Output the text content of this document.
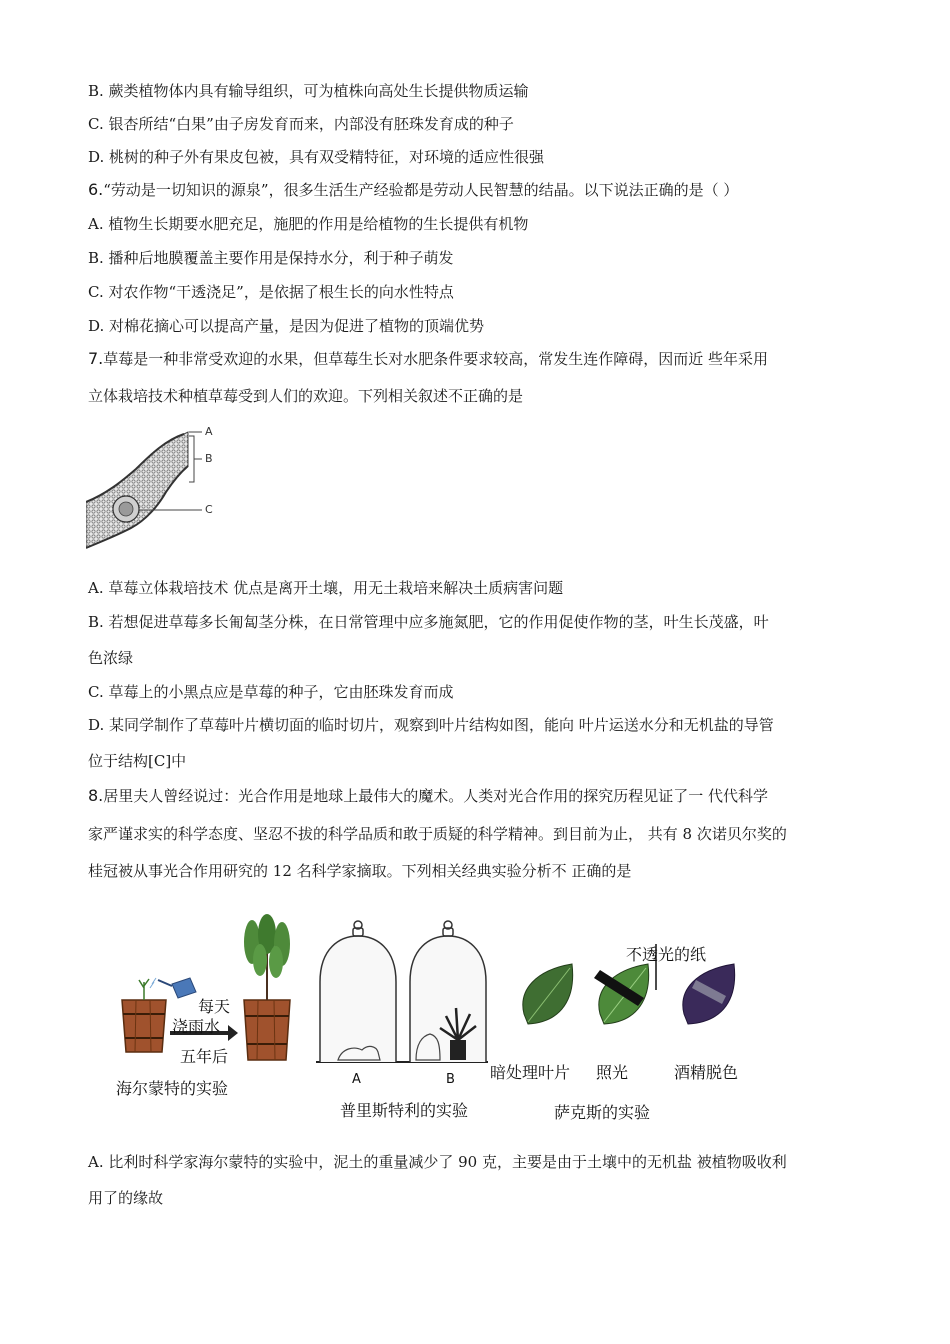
B. 蕨类植物体内具有输导组织，可为植株向高处生长提供物质运输
C. 银杏所结“白果”由子房发育而来，内部没有胚珠发育成的种子
D. 桃树的种子外有果皮包被，具有双受精特征，对环境的适应性很强
6.“劳动是一切知识的源泉”，很多生活生产经验都是劳动人民智慧的结晶。以下说法正确的是（ ）
A. 植物生长期要水肥充足，施肥的作用是给植物的生长提供有机物
B. 播种后地膜覆盖主要作用是保持水分，利于种子萌发
C. 对农作物“干透浇足”，是依据了根生长的向水性特点
D. 对棉花摘心可以提高产量，是因为促进了植物的顶端优势
7.草莓是一种非常受欢迎的水果，但草莓生长对水肥条件要求较高，常发生连作障碍，因而近 些年采用
立体栽培技术种植草莓受到人们的欢迎。下列相关叙述不正确的是
A
B
C
A. 草莓立体栽培技术 优点是离开土壤，用无土栽培来解决土质病害问题
B. 若想促进草莓多长匍匐茎分株，在日常管理中应多施氮肥，它的作用促使作物的茎，叶生长茂盛，叶
色浓绿
C. 草莓上的小黑点应是草莓的种子，它由胚珠发育而成
D. 某同学制作了草莓叶片横切面的临时切片，观察到叶片结构如图，能向 叶片运送水分和无机盐的导管
位于结构[C]中
8.居里夫人曾经说过：光合作用是地球上最伟大的魔术。人类对光合作用的探究历程见证了一 代代科学
家严谨求实的科学态度、坚忍不拔的科学品质和敢于质疑的科学精神。到目前为止， 共有 8 次诺贝尔奖的
桂冠被从事光合作用研究的 12 名科学家摘取。下列相关经典实验分析不 正确的是
每天
浇雨水
五年后
海尔蒙特的实验	A	B
普里斯特利的实验
不透光的纸
暗处理叶片 照光	酒精脱色
萨克斯的实验
A. 比利时科学家海尔蒙特的实验中，泥土的重量减少了 90 克，主要是由于土壤中的无机盐 被植物吸收利
用了的缘故
